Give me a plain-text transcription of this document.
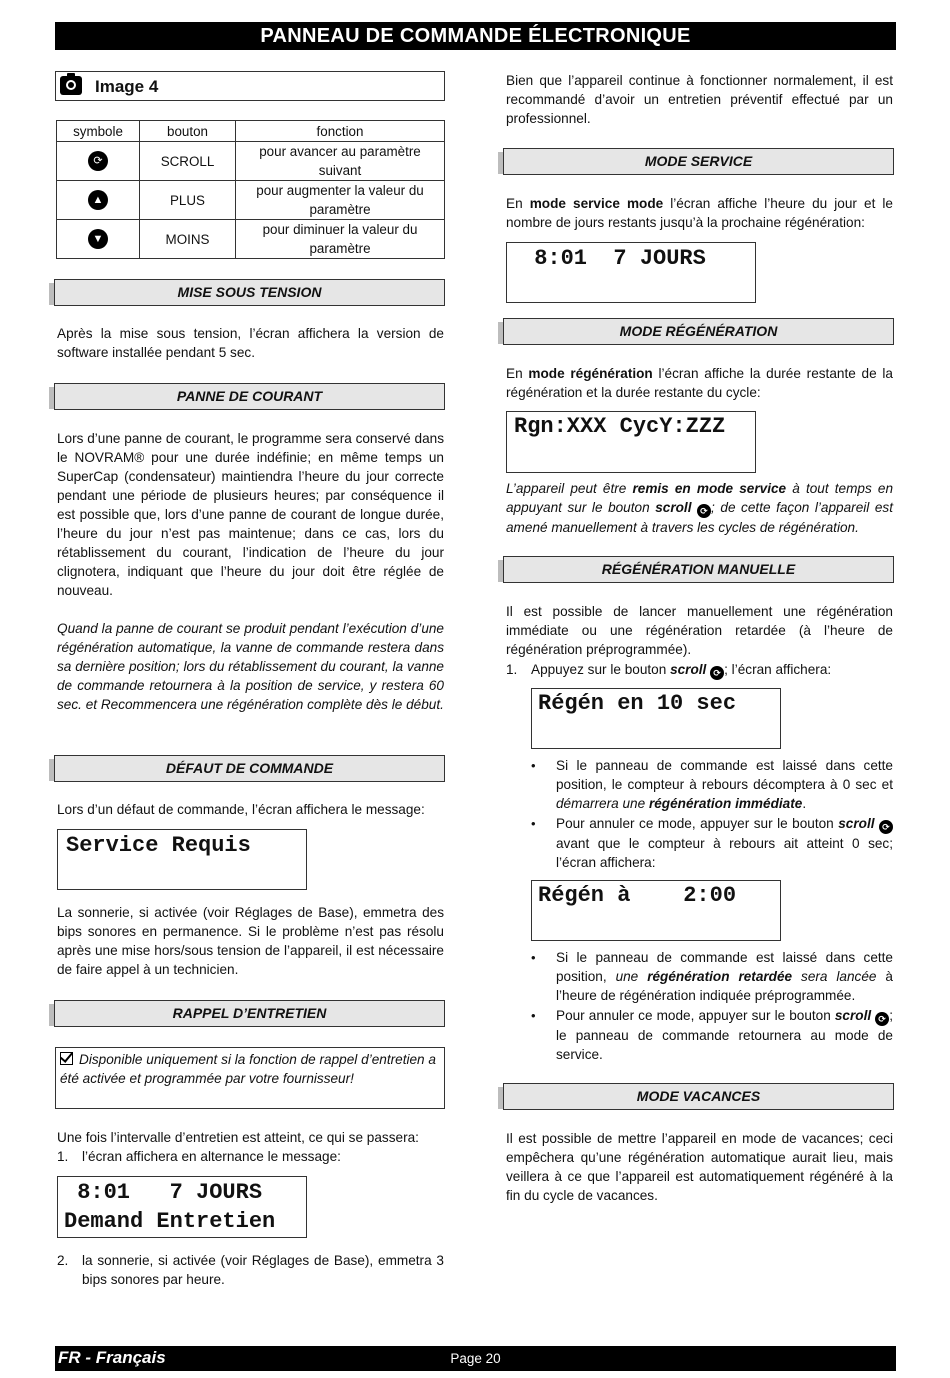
PANNEAU DE COMMANDE ÉLECTRONIQUE
Image 4
symbole	bouton	fonction
⟳	SCROLL	pour avancer au paramètre suivant
▲	PLUS	pour augmenter la valeur du paramètre
▼	MOINS	pour diminuer la valeur du paramètre
MISE SOUS TENSION
Après la mise sous tension, l’écran affichera la version de software installée pendant 5 sec.
PANNE DE COURANT
Lors d’une panne de courant, le programme sera conservé dans le NOVRAM® pour une durée indéfinie; en même temps un SuperCap (condensateur) maintiendra l’heure du jour correcte pendant une période de plusieurs heures; par conséquence il est possible que, lors d’une panne de courant de longue durée, l’heure du jour n’est pas maintenue; dans ce cas, lors du rétablissement du courant, l’indication de l’heure du jour clignotera, indiquant que l’heure du jour doit être réglée de nouveau.
Quand la panne de courant se produit pendant l’exécution d’une régénération automatique, la vanne de commande restera dans sa dernière position; lors du rétablissement du courant, la vanne de commande retournera à la position de service, y restera 60 sec. et Recommencera une régénération complète dès le début.
DÉFAUT DE COMMANDE
Lors d’un défaut de commande, l’écran affichera le message:
Service Requis
La sonnerie, si activée (voir Réglages de Base), emmetra des bips sonores en permanence. Si le problème n’est pas résolu après une mise hors/sous tension de l’appareil, il est nécessaire de faire appel à un technicien.
RAPPEL D’ENTRETIEN
Disponible uniquement si la fonction de rappel d’entretien a été activée et programmée par votre fournisseur!
Une fois l’intervalle d’entretien est atteint, ce qui se passera:
1. l’écran affichera en alternance le message:
8:01   7 JOURS
Demand Entretien
2. la sonnerie, si activée (voir Réglages de Base), emmetra 3 bips sonores par heure.
Bien que l’appareil continue à fonctionner normalement, il est recommandé d’avoir un entretien préventif effectué par un professionnel.
MODE SERVICE
En mode service mode l’écran affiche l’heure du jour et le nombre de jours restants jusqu’à la prochaine régénération:
8:01  7 JOURS
MODE RÉGÉNÉRATION
En mode régénération l’écran affiche la durée restante de la régénération et la durée restante du cycle:
Rgn:XXX CycY:ZZZ
L’appareil peut être remis en mode service à tout temps en appuyant sur le bouton scroll ⟳ ; de cette façon l’appareil est amené manuellement à travers les cycles de régénération.
RÉGÉNÉRATION MANUELLE
Il est possible de lancer manuellement une régénération immédiate ou une régénération retardée (à l’heure de régénération préprogrammée).
1. Appuyez sur le bouton scroll ⟳ ; l’écran affichera:
Régén en 10 sec
• Si le panneau de commande est laissé dans cette position, le compteur à rebours décomptera à 0 sec et démarrera une régénération immédiate.
• Pour annuler ce mode, appuyer sur le bouton scroll ⟳ avant que le compteur à rebours ait atteint 0 sec; l’écran affichera:
Régén à    2:00
• Si le panneau de commande est laissé dans cette position, une régénération retardée sera lancée à l’heure de régénération indiquée préprogrammée.
• Pour annuler ce mode, appuyer sur le bouton scroll ⟳ ; le panneau de commande retournera au mode de service.
MODE VACANCES
Il est possible de mettre l’appareil en mode de vacances; ceci empêchera qu’une régénération automatique aurait lieu, mais veillera à ce que l’appareil est automatiquement régénéré à la fin du cycle de vacances.
FR - Français	Page 20
